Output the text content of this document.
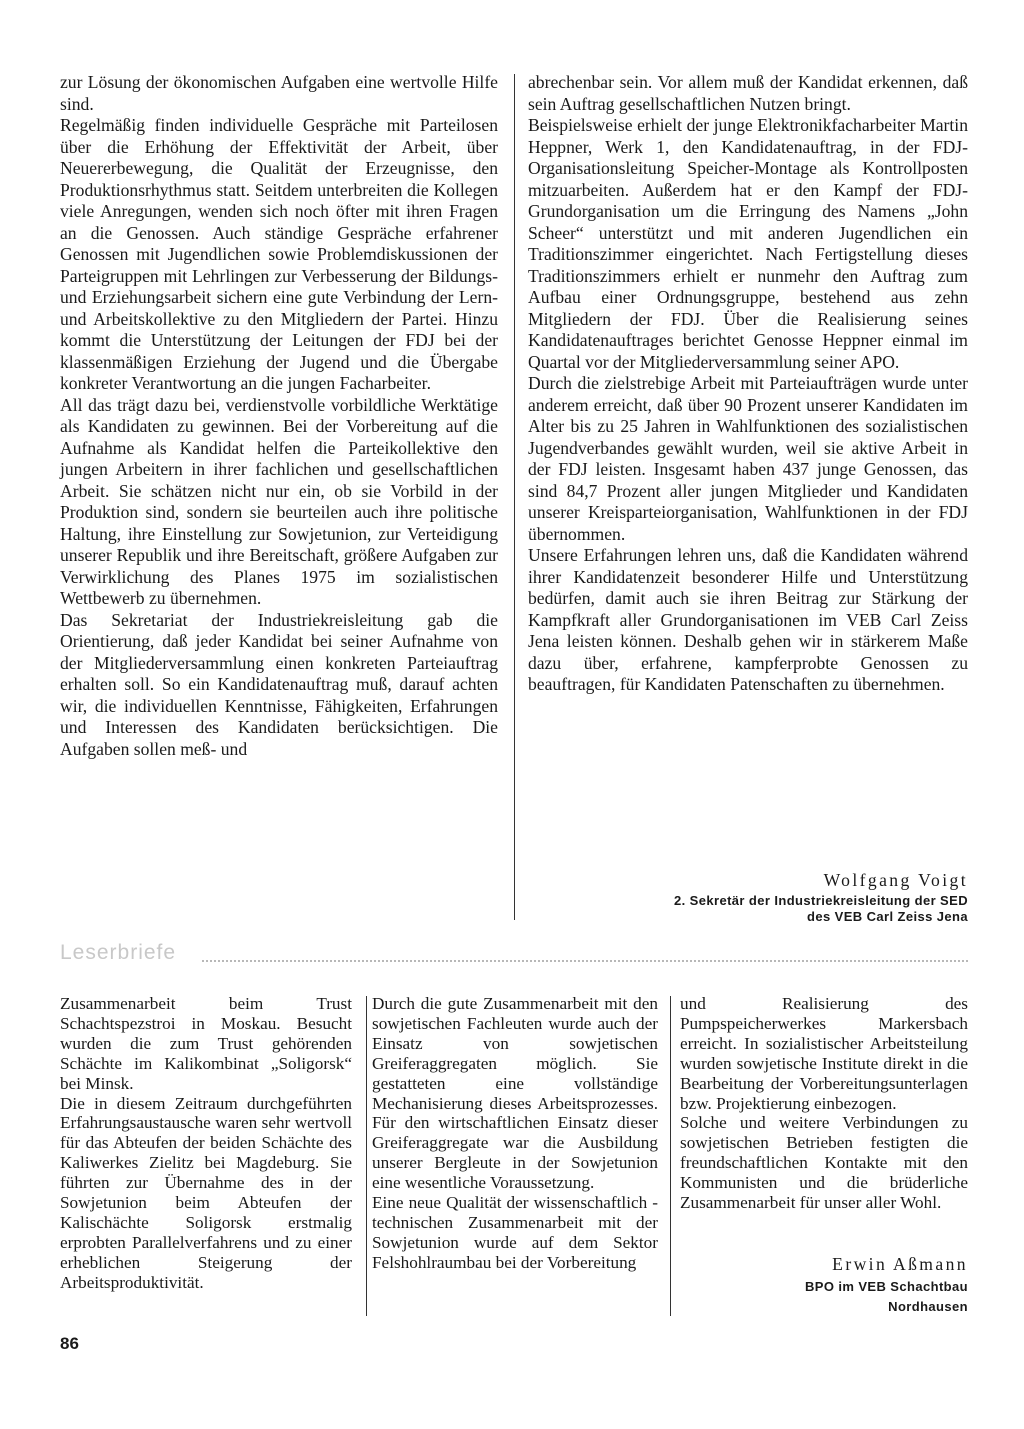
zur Lösung der ökonomischen Aufgaben eine wertvolle Hilfe sind.

Regelmäßig finden individuelle Gespräche mit Parteilosen über die Erhöhung der Effektivität der Arbeit, über Neuererbewegung, die Qualität der Erzeugnisse, den Produktionsrhythmus statt. Seitdem unterbreiten die Kollegen viele Anregungen, wenden sich noch öfter mit ihren Fragen an die Genossen. Auch ständige Gespräche erfahrener Genossen mit Jugendlichen sowie Problemdiskussionen der Parteigruppen mit Lehrlingen zur Verbesserung der Bildungs- und Erziehungsarbeit sichern eine gute Verbindung der Lern- und Arbeitskollektive zu den Mitgliedern der Partei. Hinzu kommt die Unterstützung der Leitungen der FDJ bei der klassenmäßigen Erziehung der Jugend und die Übergabe konkreter Verantwortung an die jungen Facharbeiter.

All das trägt dazu bei, verdienstvolle vorbildliche Werktätige als Kandidaten zu gewinnen. Bei der Vorbereitung auf die Aufnahme als Kandidat helfen die Parteikollektive den jungen Arbeitern in ihrer fachlichen und gesellschaftlichen Arbeit. Sie schätzen nicht nur ein, ob sie Vorbild in der Produktion sind, sondern sie beurteilen auch ihre politische Haltung, ihre Einstellung zur Sowjetunion, zur Verteidigung unserer Republik und ihre Bereitschaft, größere Aufgaben zur Verwirklichung des Planes 1975 im sozialistischen Wettbewerb zu übernehmen.

Das Sekretariat der Industriekreisleitung gab die Orientierung, daß jeder Kandidat bei seiner Aufnahme von der Mitgliederversammlung einen konkreten Parteiauftrag erhalten soll. So ein Kandidatenauftrag muß, darauf achten wir, die individuellen Kenntnisse, Fähigkeiten, Erfahrungen und Interessen des Kandidaten berücksichtigen. Die Aufgaben sollen meß- und

abrechenbar sein. Vor allem muß der Kandidat erkennen, daß sein Auftrag gesellschaftlichen Nutzen bringt.

Beispielsweise erhielt der junge Elektronikfacharbeiter Martin Heppner, Werk 1, den Kandidatenauftrag, in der FDJ-Organisationsleitung Speicher-Montage als Kontrollposten mitzuarbeiten. Außerdem hat er den Kampf der FDJ-Grundorganisation um die Erringung des Namens „John Scheer“ unterstützt und mit anderen Jugendlichen ein Traditionszimmer eingerichtet. Nach Fertigstellung dieses Traditionszimmers erhielt er nunmehr den Auftrag zum Aufbau einer Ordnungsgruppe, bestehend aus zehn Mitgliedern der FDJ. Über die Realisierung seines Kandidatenauftrages berichtet Genosse Heppner einmal im Quartal vor der Mitgliederversammlung seiner APO.

Durch die zielstrebige Arbeit mit Parteiaufträgen wurde unter anderem erreicht, daß über 90 Prozent unserer Kandidaten im Alter bis zu 25 Jahren in Wahlfunktionen des sozialistischen Jugendverbandes gewählt wurden, weil sie aktive Arbeit in der FDJ leisten. Insgesamt haben 437 junge Genossen, das sind 84,7 Prozent aller jungen Mitglieder und Kandidaten unserer Kreisparteiorganisation, Wahlfunktionen in der FDJ übernommen.

Unsere Erfahrungen lehren uns, daß die Kandidaten während ihrer Kandidatenzeit besonderer Hilfe und Unterstützung bedürfen, damit auch sie ihren Beitrag zur Stärkung der Kampfkraft aller Grundorganisationen im VEB Carl Zeiss Jena leisten können. Deshalb gehen wir in stärkerem Maße dazu über, erfahrene, kampferprobte Genossen zu beauftragen, für Kandidaten Patenschaften zu übernehmen.

Wolfgang Voigt
2. Sekretär der Industriekreisleitung der SED
des VEB Carl Zeiss Jena
Leserbriefe

Zusammenarbeit beim Trust Schachtspezstroi in Moskau. Besucht wurden die zum Trust gehörenden Schächte im Kalikombinat „Soligorsk“ bei Minsk.

Die in diesem Zeitraum durchgeführten Erfahrungsaustausche waren sehr wertvoll für das Abteufen der beiden Schächte des Kaliwerkes Zielitz bei Magdeburg. Sie führten zur Übernahme des in der Sowjetunion beim Abteufen der Kalischächte Soligorsk erstmalig erprobten Parallelverfahrens und zu einer erheblichen Steigerung der Arbeitsproduktivität.

Durch die gute Zusammenarbeit mit den sowjetischen Fachleuten wurde auch der Einsatz von sowjetischen Greiferaggregaten möglich. Sie gestatteten eine vollständige Mechanisierung dieses Arbeitsprozesses. Für den wirtschaftlichen Einsatz dieser Greiferaggregate war die Ausbildung unserer Bergleute in der Sowjetunion eine wesentliche Voraussetzung.

Eine neue Qualität der wissenschaftlich - technischen Zusammenarbeit mit der Sowjetunion wurde auf dem Sektor Felshohlraumbau bei der Vorbereitung

und Realisierung des Pumpspeicherwerkes Markersbach erreicht. In sozialistischer Arbeitsteilung wurden sowjetische Institute direkt in die Bearbeitung der Vorbereitungsunterlagen bzw. Projektierung einbezogen.

Solche und weitere Verbindungen zu sowjetischen Betrieben festigten die freundschaftlichen Kontakte mit den Kommunisten und die brüderliche Zusammenarbeit für unser aller Wohl.

Erwin Aßmann
BPO im VEB Schachtbau
Nordhausen
86
